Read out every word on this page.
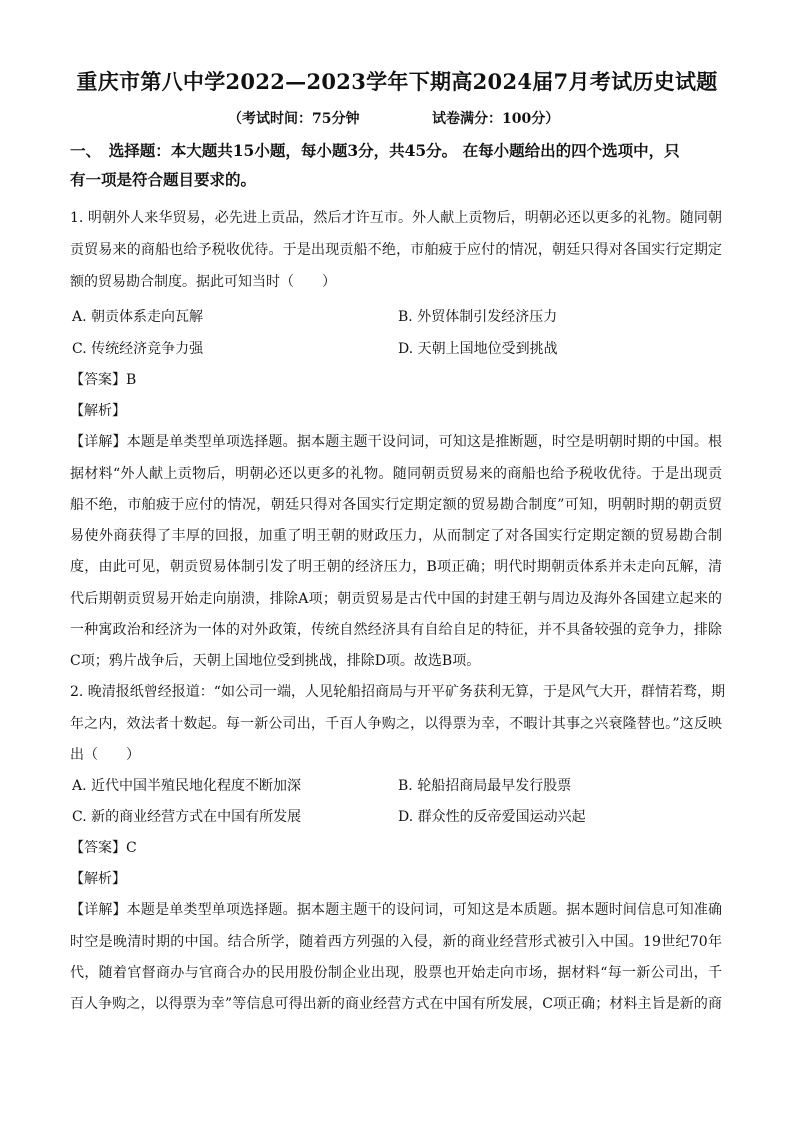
重庆市第八中学2022—2023学年下期高2024届7月考试历史试题
（考试时间：75分钟	试卷满分：100分）
一、　选择题：本大题共15小题，每小题3分，共45分。 在每小题给出的四个选项中，只
有一项是符合题目要求的。
1. 明朝外人来华贸易，必先进上贡品，然后才许互市。外人献上贡物后，明朝必还以更多的礼物。随同朝
贡贸易来的商船也给予税收优待。于是出现贡船不绝，市舶疲于应付的情况，朝廷只得对各国实行定期定
额的贸易勘合制度。据此可知当时（　　）
A. 朝贡体系走向瓦解	B. 外贸体制引发经济压力
C. 传统经济竞争力强	D. 天朝上国地位受到挑战
【答案】B
【解析】
【详解】本题是单类型单项选择题。据本题主题干设问词，可知这是推断题，时空是明朝时期的中国。根
据材料“外人献上贡物后，明朝必还以更多的礼物。随同朝贡贸易来的商船也给予税收优待。于是出现贡
船不绝，市舶疲于应付的情况，朝廷只得对各国实行定期定额的贸易勘合制度”可知，明朝时期的朝贡贸
易使外商获得了丰厚的回报，加重了明王朝的财政压力，从而制定了对各国实行定期定额的贸易勘合制
度，由此可见，朝贡贸易体制引发了明王朝的经济压力，B项正确；明代时期朝贡体系并未走向瓦解，清
代后期朝贡贸易开始走向崩溃，排除A项；朝贡贸易是古代中国的封建王朝与周边及海外各国建立起来的
一种寓政治和经济为一体的对外政策，传统自然经济具有自给自足的特征，并不具备较强的竞争力，排除
C项；鸦片战争后，天朝上国地位受到挑战，排除D项。故选B项。
2. 晚清报纸曾经报道：“如公司一端，人见轮船招商局与开平矿务获利无算，于是风气大开，群情若骛，期
年之内，效法者十数起。每一新公司出，千百人争购之，以得票为幸，不暇计其事之兴衰隆替也。”这反映
出（　　）
A. 近代中国半殖民地化程度不断加深	B. 轮船招商局最早发行股票
C. 新的商业经营方式在中国有所发展	D. 群众性的反帝爱国运动兴起
【答案】C
【解析】
【详解】本题是单类型单项选择题。据本题主题干的设问词，可知这是本质题。据本题时间信息可知准确
时空是晚清时期的中国。结合所学，随着西方列强的入侵，新的商业经营形式被引入中国。19世纪70年
代，随着官督商办与官商合办的民用股份制企业出现，股票也开始走向市场，据材料“每一新公司出，千
百人争购之，以得票为幸”等信息可得出新的商业经营方式在中国有所发展，C项正确；材料主旨是新的商
